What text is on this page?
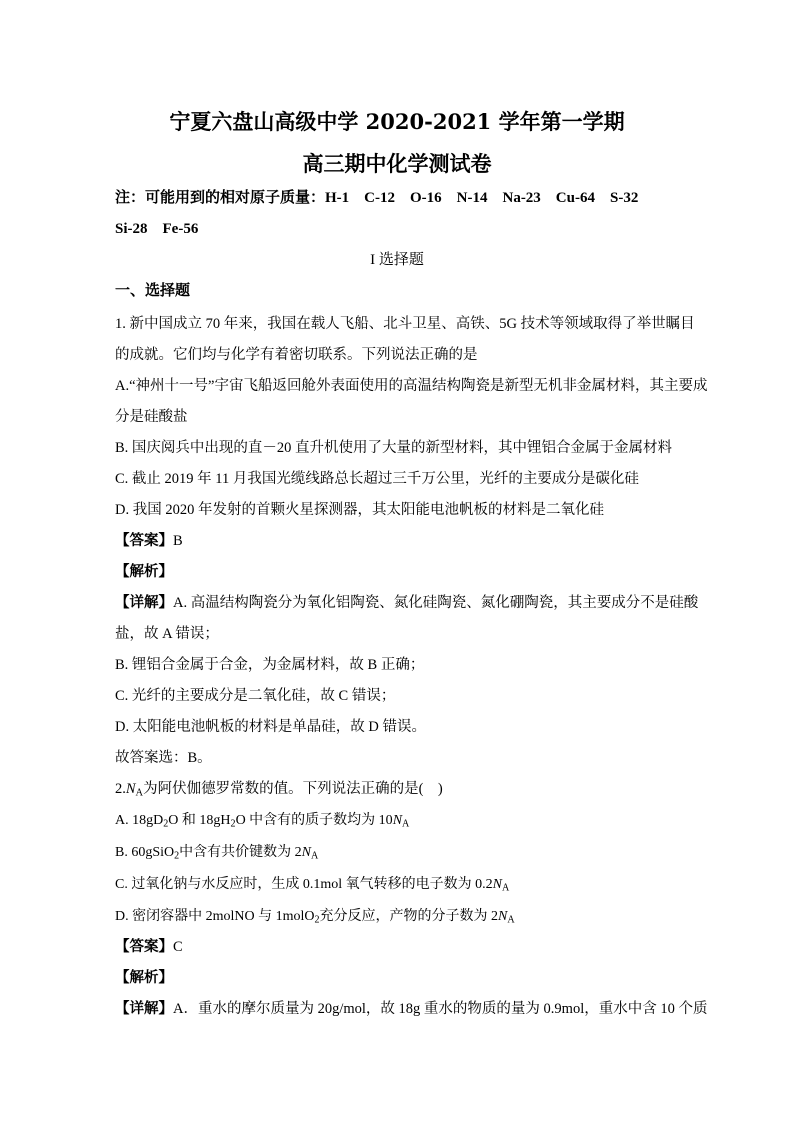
宁夏六盘山高级中学 2020-2021 学年第一学期
高三期中化学测试卷
注：可能用到的相对原子质量：H-1　C-12　O-16　N-14　Na-23　Cu-64　S-32
Si-28　Fe-56
I 选择题
一、选择题
1. 新中国成立 70 年来，我国在载人飞船、北斗卫星、高铁、5G 技术等领域取得了举世瞩目
的成就。它们均与化学有着密切联系。下列说法正确的是
A.“神州十一号”宇宙飞船返回舱外表面使用的高温结构陶瓷是新型无机非金属材料，其主要成
分是硅酸盐
B. 国庆阅兵中出现的直－20 直升机使用了大量的新型材料，其中锂铝合金属于金属材料
C. 截止 2019 年 11 月我国光缆线路总长超过三千万公里，光纤的主要成分是碳化硅
D. 我国 2020 年发射的首颗火星探测器，其太阳能电池帆板的材料是二氧化硅
【答案】B
【解析】
【详解】A. 高温结构陶瓷分为氧化铝陶瓷、氮化硅陶瓷、氮化硼陶瓷，其主要成分不是硅酸
盐，故 A 错误；
B. 锂铝合金属于合金，为金属材料，故 B 正确；
C. 光纤的主要成分是二氧化硅，故 C 错误；
D. 太阳能电池帆板的材料是单晶硅，故 D 错误。
故答案选：B。
$2.N_A$为阿伏伽德罗常数的值。下列说法正确的是(　)
A. $18gD_2O$ 和 $18gH_2O$ 中含有的质子数均为 $10N_A$
B. 60gSiO$_2$中含有共价键数为 $2N_A$
C. 过氧化钠与水反应时，生成 0.1mol 氧气转移的电子数为 $0.2N_A$
D. 密闭容器中 2molNO 与 1molO$_2$充分反应，产物的分子数为 $2N_A$
【答案】C
【解析】
【详解】A．重水的摩尔质量为 20g/mol，故 18g 重水的物质的量为 0.9mol，重水中含 10 个质
